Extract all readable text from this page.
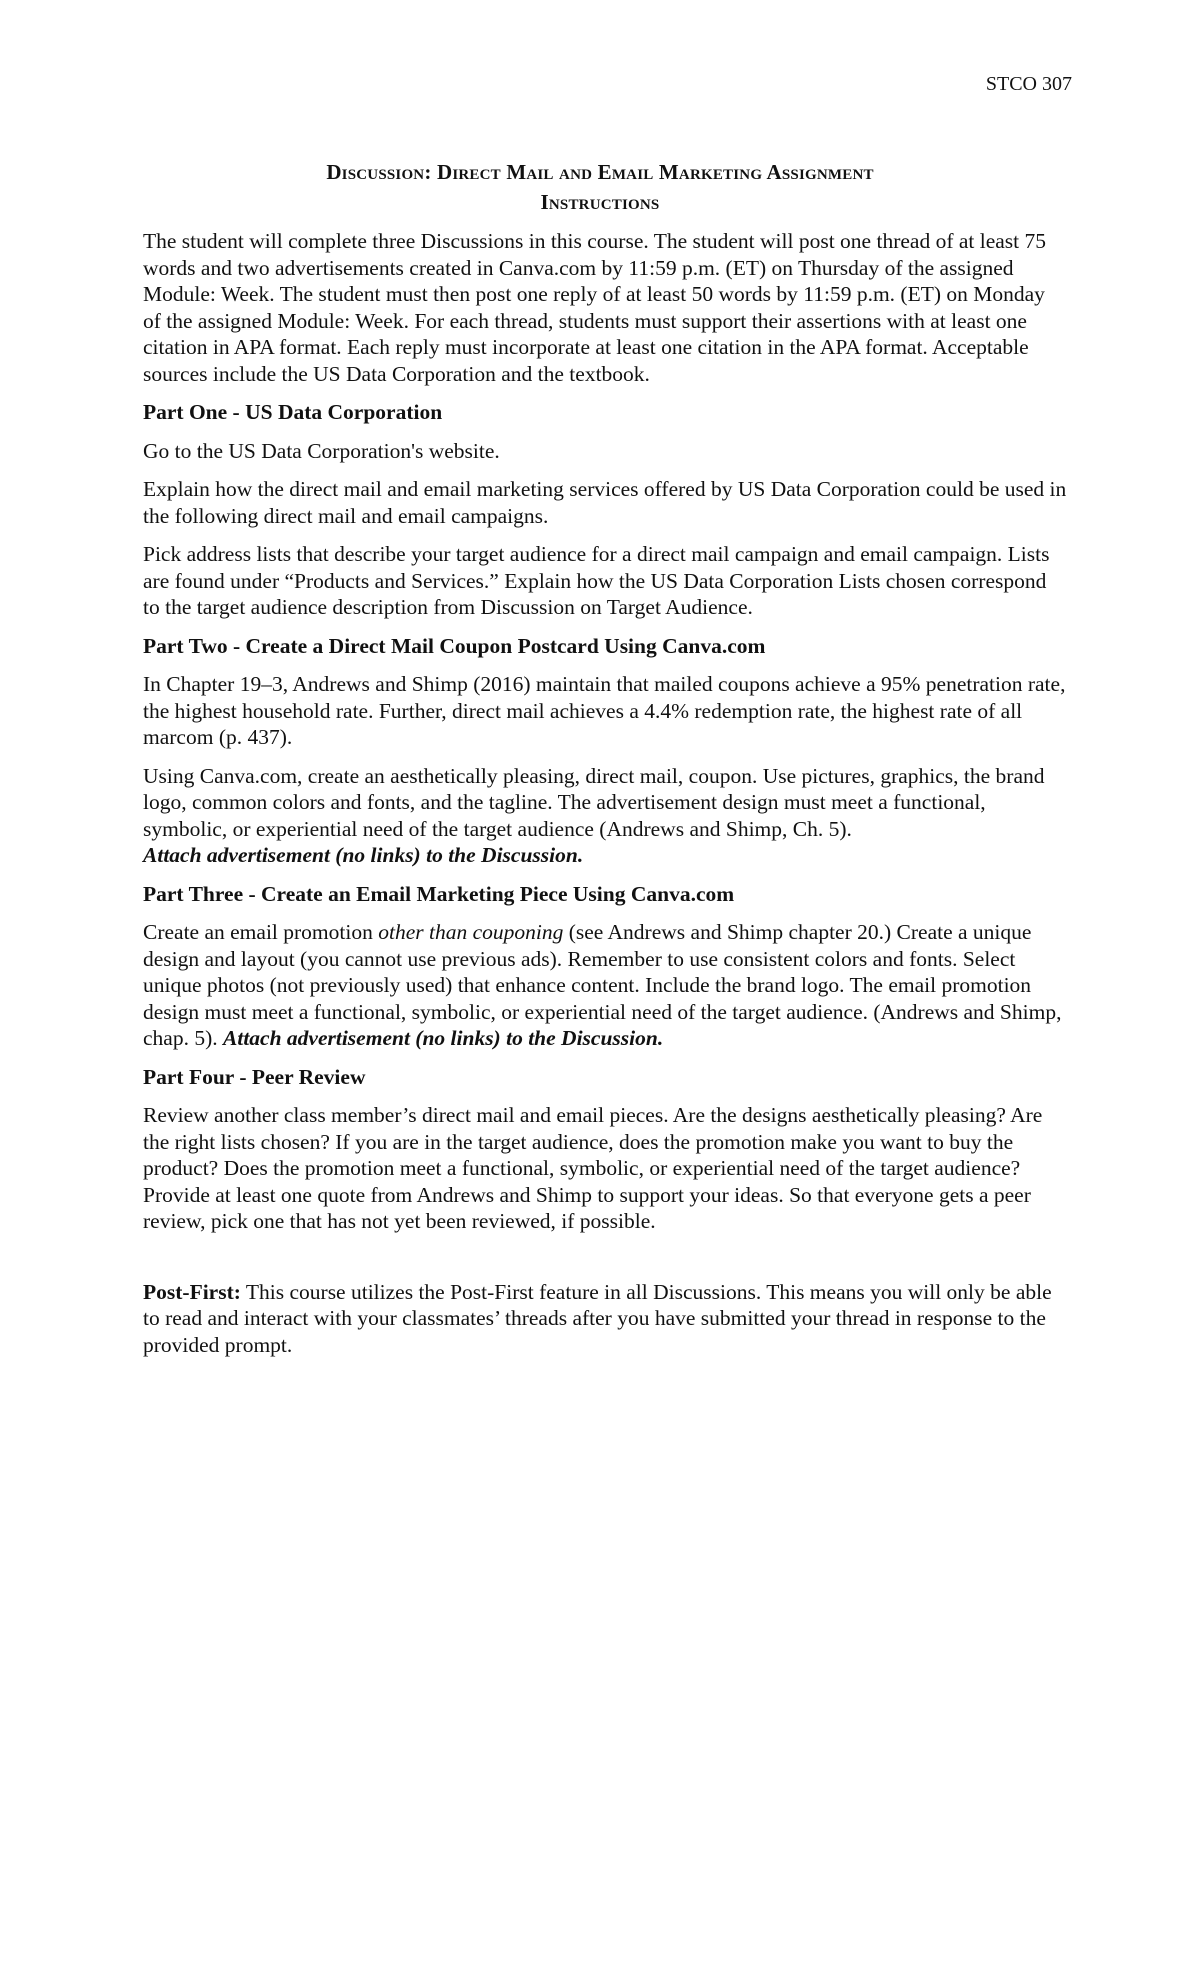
STCO 307
Discussion: Direct Mail and Email Marketing Assignment
Instructions

The student will complete three Discussions in this course. The student will post one thread of at least 75 words and two advertisements created in Canva.com by 11:59 p.m. (ET) on Thursday of the assigned Module: Week. The student must then post one reply of at least 50 words by 11:59 p.m. (ET) on Monday of the assigned Module: Week. For each thread, students must support their assertions with at least one citation in APA format. Each reply must incorporate at least one citation in the APA format. Acceptable sources include the US Data Corporation and the textbook.

Part One - US Data Corporation

Go to the US Data Corporation's website.

Explain how the direct mail and email marketing services offered by US Data Corporation could be used in the following direct mail and email campaigns.

Pick address lists that describe your target audience for a direct mail campaign and email campaign. Lists are found under “Products and Services.” Explain how the US Data Corporation Lists chosen correspond to the target audience description from Discussion on Target Audience.

Part Two - Create a Direct Mail Coupon Postcard Using Canva.com

In Chapter 19–3, Andrews and Shimp (2016) maintain that mailed coupons achieve a 95% penetration rate, the highest household rate. Further, direct mail achieves a 4.4% redemption rate, the highest rate of all marcom (p. 437).

Using Canva.com, create an aesthetically pleasing, direct mail, coupon. Use pictures, graphics, the brand logo, common colors and fonts, and the tagline. The advertisement design must meet a functional, symbolic, or experiential need of the target audience (Andrews and Shimp, Ch. 5).
Attach advertisement (no links) to the Discussion.

Part Three - Create an Email Marketing Piece Using Canva.com

Create an email promotion other than couponing (see Andrews and Shimp chapter 20.) Create a unique design and layout (you cannot use previous ads). Remember to use consistent colors and fonts. Select unique photos (not previously used) that enhance content. Include the brand logo. The email promotion design must meet a functional, symbolic, or experiential need of the target audience. (Andrews and Shimp, chap. 5). Attach advertisement (no links) to the Discussion.

Part Four - Peer Review

Review another class member’s direct mail and email pieces. Are the designs aesthetically pleasing? Are the right lists chosen? If you are in the target audience, does the promotion make you want to buy the product? Does the promotion meet a functional, symbolic, or experiential need of the target audience? Provide at least one quote from Andrews and Shimp to support your ideas. So that everyone gets a peer review, pick one that has not yet been reviewed, if possible.

Post-First: This course utilizes the Post-First feature in all Discussions. This means you will only be able to read and interact with your classmates’ threads after you have submitted your thread in response to the provided prompt.
